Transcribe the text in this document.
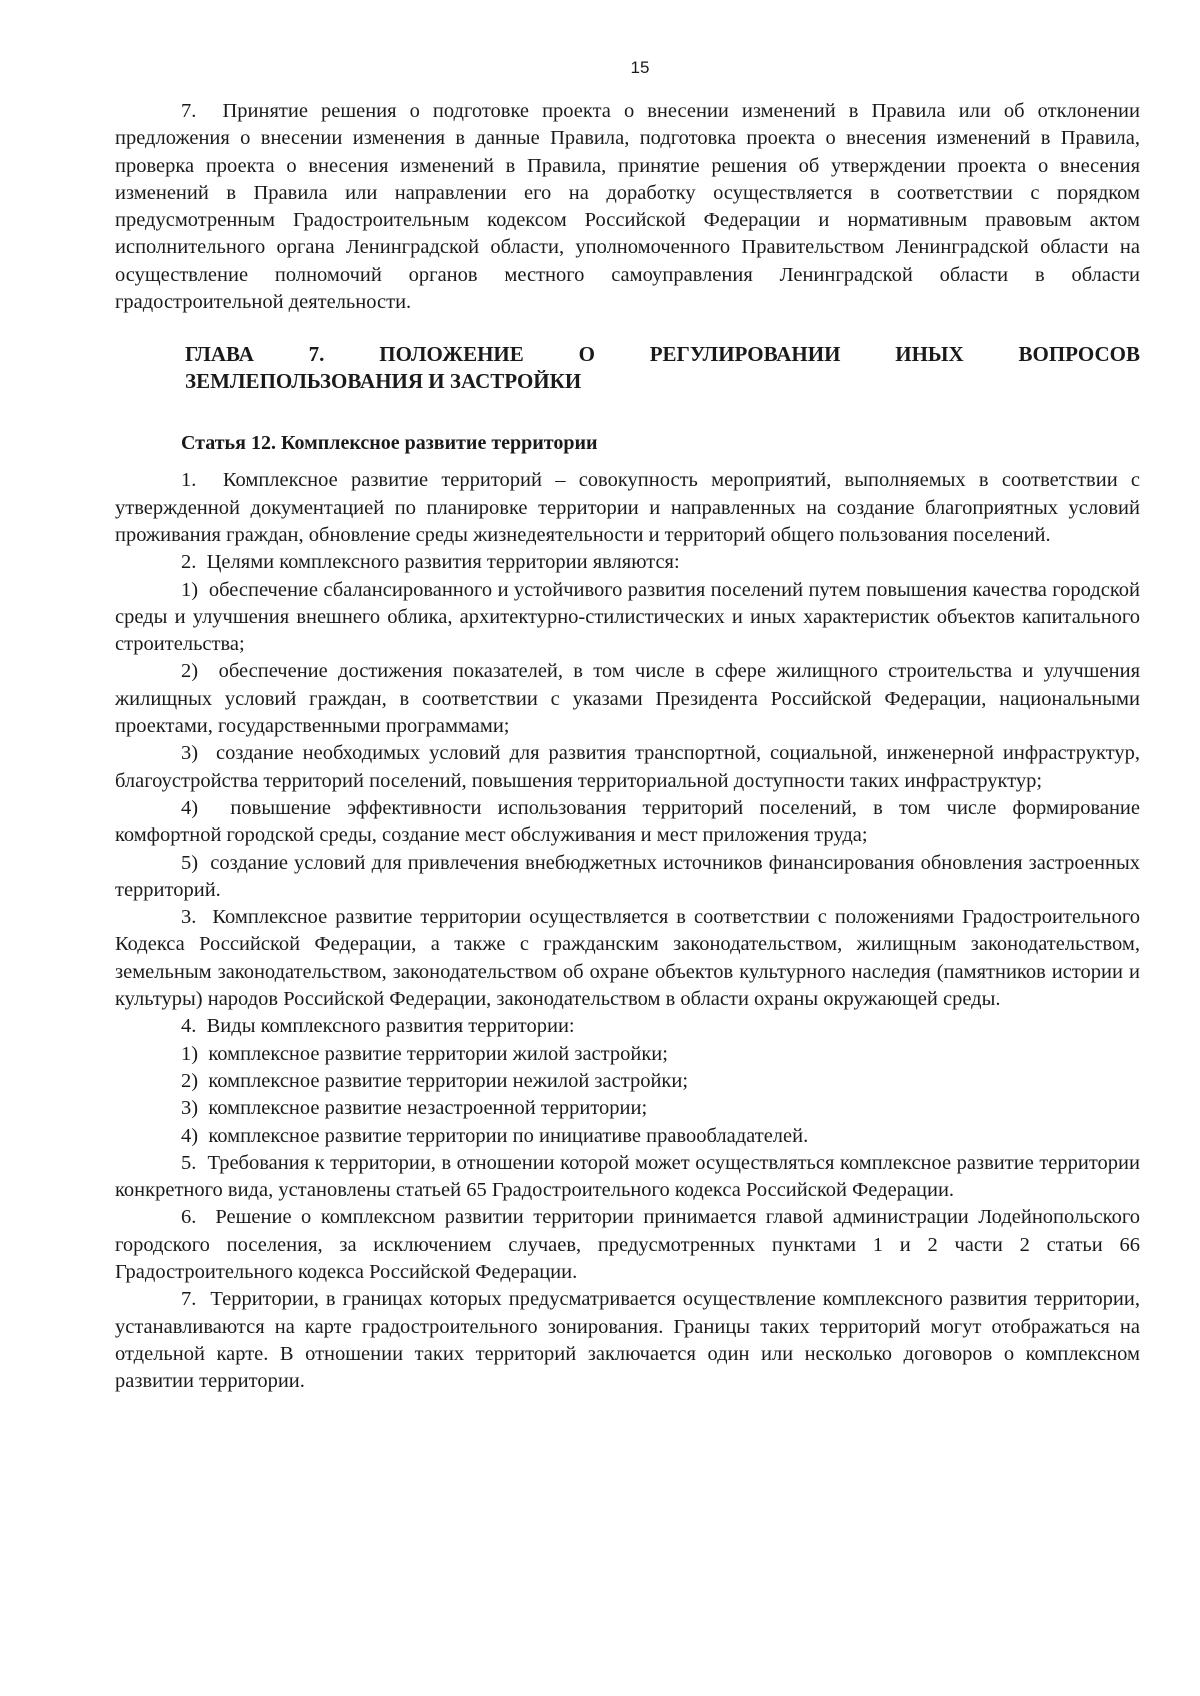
15

7.  Принятие решения о подготовке проекта о внесении изменений в Правила или об отклонении предложения о внесении изменения в данные Правила, подготовка проекта о внесения изменений в Правила, проверка проекта о внесения изменений в Правила, принятие решения об утверждении проекта о внесения изменений в Правила или направлении его на доработку осуществляется в соответствии с порядком предусмотренным Градостроительным кодексом Российской Федерации и нормативным правовым актом исполнительного органа Ленинградской области, уполномоченного Правительством Ленинградской области на осуществление полномочий органов местного самоуправления Ленинградской области в области градостроительной деятельности.

ГЛАВА 7. ПОЛОЖЕНИЕ О РЕГУЛИРОВАНИИ ИНЫХ ВОПРОСОВ
ЗЕМЛЕПОЛЬЗОВАНИЯ И ЗАСТРОЙКИ
Статья 12. Комплексное развитие территории

1.  Комплексное развитие территорий – совокупность мероприятий, выполняемых в соответствии с утвержденной документацией по планировке территории и направленных на создание благоприятных условий проживания граждан, обновление среды жизнедеятельности и территорий общего пользования поселений.

2.  Целями комплексного развития территории являются:

1)  обеспечение сбалансированного и устойчивого развития поселений путем повышения качества городской среды и улучшения внешнего облика, архитектурно-стилистических и иных характеристик объектов капитального строительства;

2)  обеспечение достижения показателей, в том числе в сфере жилищного строительства и улучшения жилищных условий граждан, в соответствии с указами Президента Российской Федерации, национальными проектами, государственными программами;

3)  создание необходимых условий для развития транспортной, социальной, инженерной инфраструктур, благоустройства территорий поселений, повышения территориальной доступности таких инфраструктур;

4)  повышение эффективности использования территорий поселений, в том числе формирование комфортной городской среды, создание мест обслуживания и мест приложения труда;

5)  создание условий для привлечения внебюджетных источников финансирования обновления застроенных территорий.

3.  Комплексное развитие территории осуществляется в соответствии с положениями Градостроительного Кодекса Российской Федерации, а также с гражданским законодательством, жилищным законодательством, земельным законодательством, законодательством об охране объектов культурного наследия (памятников истории и культуры) народов Российской Федерации, законодательством в области охраны окружающей среды.

4.  Виды комплексного развития территории:

1)  комплексное развитие территории жилой застройки;

2)  комплексное развитие территории нежилой застройки;

3)  комплексное развитие незастроенной территории;

4)  комплексное развитие территории по инициативе правообладателей.

5.  Требования к территории, в отношении которой может осуществляться комплексное развитие территории конкретного вида, установлены статьей 65 Градостроительного кодекса Российской Федерации.

6.  Решение о комплексном развитии территории принимается главой администрации Лодейнопольского городского поселения, за исключением случаев, предусмотренных пунктами 1 и 2 части 2 статьи 66 Градостроительного кодекса Российской Федерации.

7.  Территории, в границах которых предусматривается осуществление комплексного развития территории, устанавливаются на карте градостроительного зонирования. Границы таких территорий могут отображаться на отдельной карте. В отношении таких территорий заключается один или несколько договоров о комплексном развитии территории.
